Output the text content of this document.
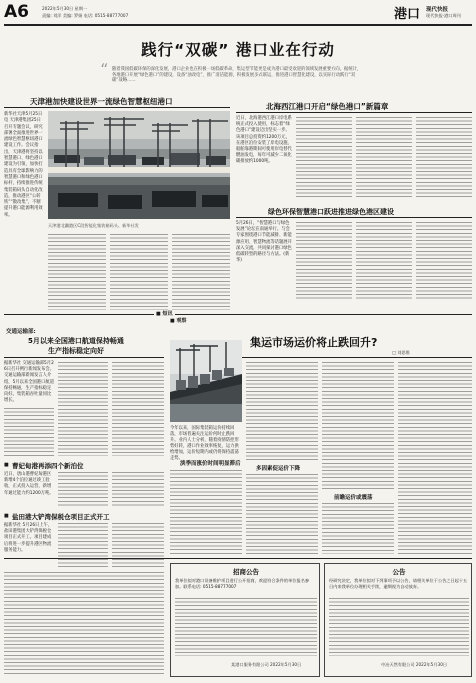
A6	2022年5月30日 星期一
责编: 刘洋 美编: 罗娟 电话: 0515-88777007	港口 现代快报
现代快报·港口周刊
践行“双碳” 港口业在行动
“ 随着我国低碳环保的深化发展，港口企业也在积极一场低碳革命，集运型节能更是成为港口最受欢迎的领域发展重要方向。据统计，各地港口开展“绿色港口”的建设，设备“油改电”，推广清洁能源，积极发展多式联运，推进港口智慧化建设，以实际行动践行“双碳”战略……
天津港加快建设世界一流绿色智慧枢纽港口
新华社天津5月25日电 天津港集团25日召开专题会议，研究部署全面推进世界一流绿色智慧枢纽港口建设工作。会议指出，天津港将坚持以智慧港口、绿色港口建设为引领，加快打造具有全球影响力的智慧港口和绿色港口标杆，持续推进传统集装箱码头自动化改造，推动港区“公转铁”“散改集”，不断提升港口能源利用效率。
天津港北疆港区C段智能化集装箱码头。新华社发
北海西江港口开启“绿色港口”新篇章
近日，北海港西江港口岸电系统正式投入使用，标志着“绿色港口”建设迈出坚实一步。该项目总投资约1200万元，在港区泊位安装了岸电设施，船舶靠港期间可使用岸电替代燃油发电，每年可减少二氧化碳排放约1000吨。
绿色环保智慧港口跃进推进绿色港区建设
5月26日，“智慧港口与绿色发展”论坛在南通举行。与会专家围绕港口节能减排、新能源应用、智慧物流等话题展开深入交流，共同探讨港口绿色低碳转型的路径与方法。(新华)
■ 短讯
■ 观察
交通运输部:
5月以来全国港口航道保持畅通
生产指标稳定向好
据新华社 交通运输部5月26日召开例行新闻发布会。交通运输部新闻发言人介绍，5月以来全国港口航道保持畅通，生产指标稳定向好。集装箱吞吐量同比增长。
■ 曹妃甸港再添四个新泊位
近日，唐山港曹妃甸港区新增4个泊位通过竣工验收，正式投入运营，新增年通过能力约1200万吨。
■ 盐田港大铲湾保税仓项目正式开工
据新华社 5月26日上午，盐田港集团大铲湾保税仓项目正式开工。项目建成后将进一步提升港区物流服务能力。
集运市场运价将止跌回升?
□ 刘思维
今年以来，国际集装箱运价持续回落，市场普遍关注运价何时止跌回升。业内人士分析，随着疫情防控形势好转，港口作业效率恢复，运力供给增加，运价短期内或仍将保持震荡走势。
淡季而涨价时间明显滞后
多因素促运价下降
前瞻运价或震荡
招商公告
我单位拟对港口设备维护项目进行公开招商，欢迎符合条件的单位报名参加。联系电话: 0515-88777007
某港口服务有限公司 2022年5月30日
公告
经研究决定，我单位拟对下列事项予以公告，请相关单位于公告之日起十五日内来我单位办理相关手续，逾期视为自动放弃。
中冶天然有限公司 2022年5月30日
